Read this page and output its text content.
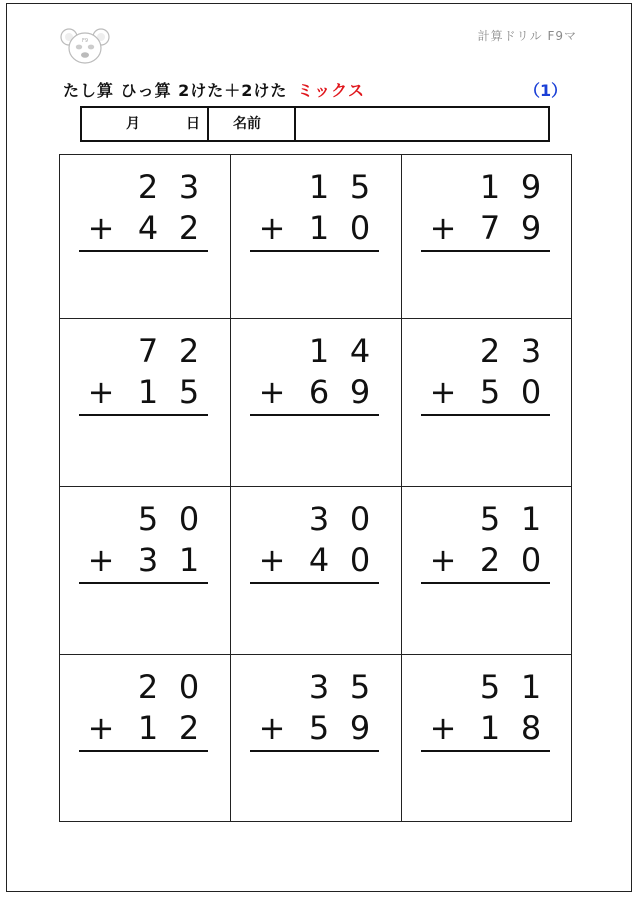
F9	計算ドリル F9マ
たし算 ひっ算 2けた＋2けた ミックス	（1）
月	日 名前
2 3
+ 4 2
1 5
+ 1 0
1 9
+ 7 9
7 2
+ 1 5
1 4
+ 6 9
2 3
+ 5 0
5 0
+ 3 1
3 0
+ 4 0
5 1
+ 2 0
2 0
+ 1 2
3 5
+ 5 9
5 1
+ 1 8
